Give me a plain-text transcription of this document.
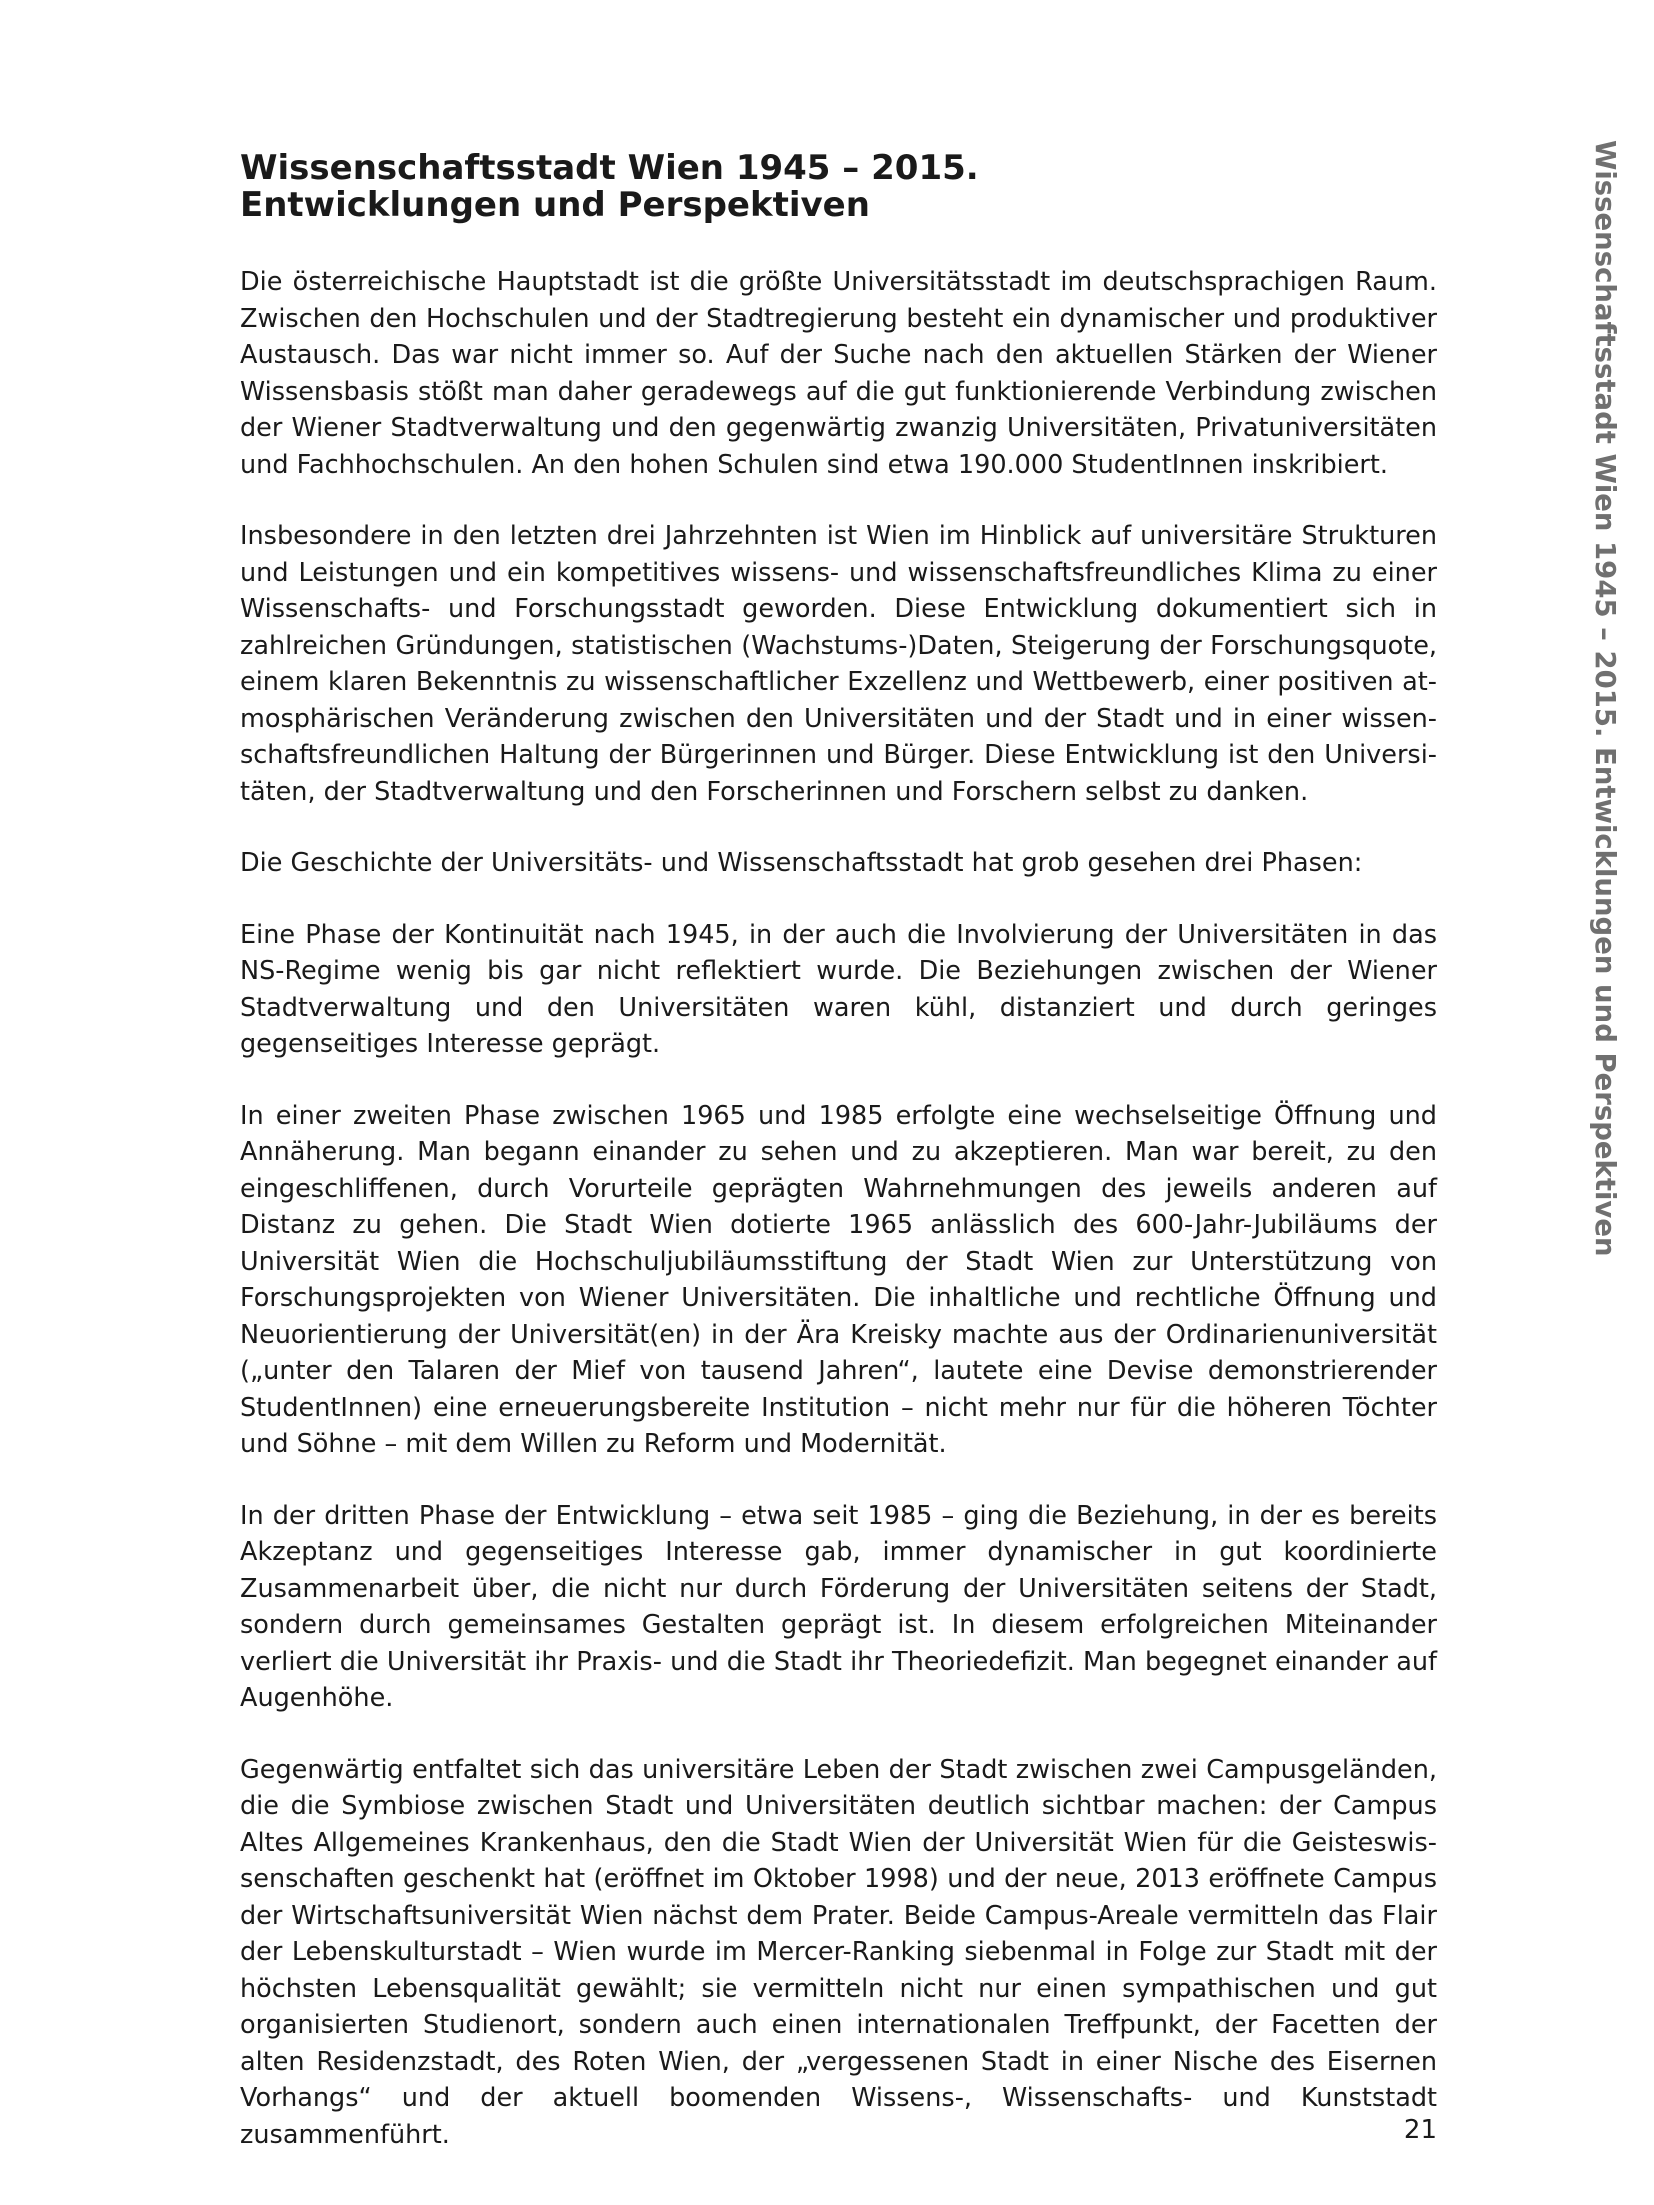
Wissenschaftsstadt Wien 1945 – 2015.
Entwicklungen und Perspektiven

Die österreichische Hauptstadt ist die größte Universitätsstadt im deutschsprachigen Raum. Zwischen den Hochschulen und der Stadtregierung besteht ein dynamischer und produktiver Austausch. Das war nicht immer so. Auf der Suche nach den aktuellen Stärken der Wiener Wissensbasis stößt man daher geradewegs auf die gut funktionierende Verbindung zwischen der Wiener Stadtverwaltung und den gegenwärtig zwanzig Universitäten, Privatuniversitäten und Fachhochschulen. An den hohen Schulen sind etwa 190.000 StudentInnen inskribiert.

Insbesondere in den letzten drei Jahrzehnten ist Wien im Hinblick auf universitäre Strukturen und Leistungen und ein kompetitives wissens- und wissenschaftsfreundliches Klima zu einer Wissenschafts- und Forschungsstadt geworden. Diese Entwicklung dokumentiert sich in zahlreichen Gründungen, statistischen (Wachstums-)Daten, Steigerung der Forschungsquote, einem klaren Bekenntnis zu wissenschaftlicher Exzellenz und Wettbewerb, einer positiven atmosphärischen Veränderung zwischen den Universitäten und der Stadt und in einer wissenschaftsfreundlichen Haltung der Bürgerinnen und Bürger. Diese Entwicklung ist den Universitäten, der Stadtverwaltung und den Forscherinnen und Forschern selbst zu danken.

Die Geschichte der Universitäts- und Wissenschaftsstadt hat grob gesehen drei Phasen:

Eine Phase der Kontinuität nach 1945, in der auch die Involvierung der Universitäten in das NS-Regime wenig bis gar nicht reflektiert wurde. Die Beziehungen zwischen der Wiener Stadtverwaltung und den Universitäten waren kühl, distanziert und durch geringes gegenseitiges Interesse geprägt.

In einer zweiten Phase zwischen 1965 und 1985 erfolgte eine wechselseitige Öffnung und Annäherung. Man begann einander zu sehen und zu akzeptieren. Man war bereit, zu den eingeschliffenen, durch Vorurteile geprägten Wahrnehmungen des jeweils anderen auf Distanz zu gehen. Die Stadt Wien dotierte 1965 anlässlich des 600-Jahr-Jubiläums der Universität Wien die Hochschuljubiläumsstiftung der Stadt Wien zur Unterstützung von Forschungsprojekten von Wiener Universitäten. Die inhaltliche und rechtliche Öffnung und Neuorientierung der Universität(en) in der Ära Kreisky machte aus der Ordinarienuniversität („unter den Talaren der Mief von tausend Jahren“, lautete eine Devise demonstrierender StudentInnen) eine erneuerungsbereite Institution – nicht mehr nur für die höheren Töchter und Söhne – mit dem Willen zu Reform und Modernität.

In der dritten Phase der Entwicklung – etwa seit 1985 – ging die Beziehung, in der es bereits Akzeptanz und gegenseitiges Interesse gab, immer dynamischer in gut koordinierte Zusammenarbeit über, die nicht nur durch Förderung der Universitäten seitens der Stadt, sondern durch gemeinsames Gestalten geprägt ist. In diesem erfolgreichen Miteinander verliert die Universität ihr Praxis- und die Stadt ihr Theoriedefizit. Man begegnet einander auf Augenhöhe.

Gegenwärtig entfaltet sich das universitäre Leben der Stadt zwischen zwei Campusgeländen, die die Symbiose zwischen Stadt und Universitäten deutlich sichtbar machen: der Campus Altes Allgemeines Krankenhaus, den die Stadt Wien der Universität Wien für die Geisteswissenschaften geschenkt hat (eröffnet im Oktober 1998) und der neue, 2013 eröffnete Campus der Wirtschaftsuniversität Wien nächst dem Prater. Beide Campus-Areale vermitteln das Flair der Lebenskulturstadt – Wien wurde im Mercer-Ranking siebenmal in Folge zur Stadt mit der höchsten Lebensqualität gewählt; sie vermitteln nicht nur einen sympathischen und gut organisierten Studienort, sondern auch einen internationalen Treffpunkt, der Facetten der alten Residenzstadt, des Roten Wien, der „vergessenen Stadt in einer Nische des Eisernen Vorhangs“ und der aktuell boomenden Wissens-, Wissenschafts- und Kunststadt zusammenführt.

Wissenschaftsstadt Wien 1945 – 2015. Entwicklungen und Perspektiven
21
